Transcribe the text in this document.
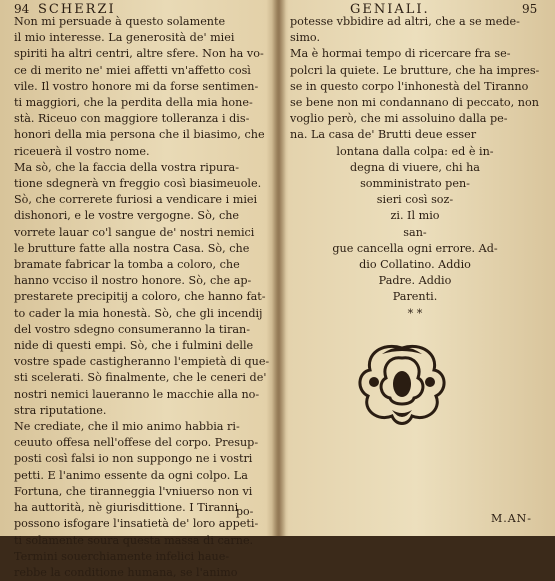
94 SCHERZI
Non mi persuade à questo solamente
il mio interesse. La generosità de' miei
spiriti ha altri centri, altre sfere. Non ha vo-
ce di merito ne' miei affetti vn'affetto così
vile. Il vostro honore mi da forse sentimen-
ti maggiori, che la perdita della mia hone-
stà. Riceuo con maggiore tolleranza i dis-
honori della mia persona che il biasimo, che
riceuerà il vostro nome.
Ma sò, che la faccia della vostra ripura-
tione sdegnerà vn freggio così biasimeuole.
Sò, che correrete furiosi a vendicare i miei
dishonori, e le vostre vergogne. Sò, che
vorrete lauar co'l sangue de' nostri nemici
le brutture fatte alla nostra Casa. Sò, che
bramate fabricar la tomba a coloro, che
hanno vcciso il nostro honore. Sò, che ap-
prestarete precipitij a coloro, che hanno fat-
to cader la mia honestà. Sò, che gli incendij
del vostro sdegno consumeranno la tiran-
nide di questi empi. Sò, che i fulmini delle
vostre spade castigheranno l'empietà di que-
sti scelerati. Sò finalmente, che le ceneri de'
nostri nemici laueranno le macchie alla no-
stra riputatione.
Ne crediate, che il mio animo habbia ri-
ceuuto offesa nell'offese del corpo. Presup-
posti così falsi io non suppongo ne i vostri
petti. E l'animo essente da ogni colpo. La
Fortuna, che tiranneggia l'vniuerso non vi
ha auttorità, nè giurisdittione. I Tiranni
possono isfogare l'insatietà de' loro appeti-
ti solamente soura questa massa di carne.
Termini souerchiamente infelici haue-
rebbe la conditione humana, se l'animo
po-
GENIALI.	95
potesse vbbidire ad altri, che a se mede-
simo.
Ma è hormai tempo di ricercare fra se-
polcri la quiete. Le brutture, che ha impres-
se in questo corpo l'inhonestà del Tiranno
se bene non mi condannano di peccato, non
voglio però, che mi assoluino dalla pe-
na. La casa de' Brutti deue esser
lontana dalla colpa: ed è in-
degna di viuere, chi ha
somministrato pen-
sieri così soz-
zi. Il mio
san-
gue cancella ogni errore. Ad-
dio Collatino. Addio
Padre. Addio
Parenti.
* *
M.AN-
